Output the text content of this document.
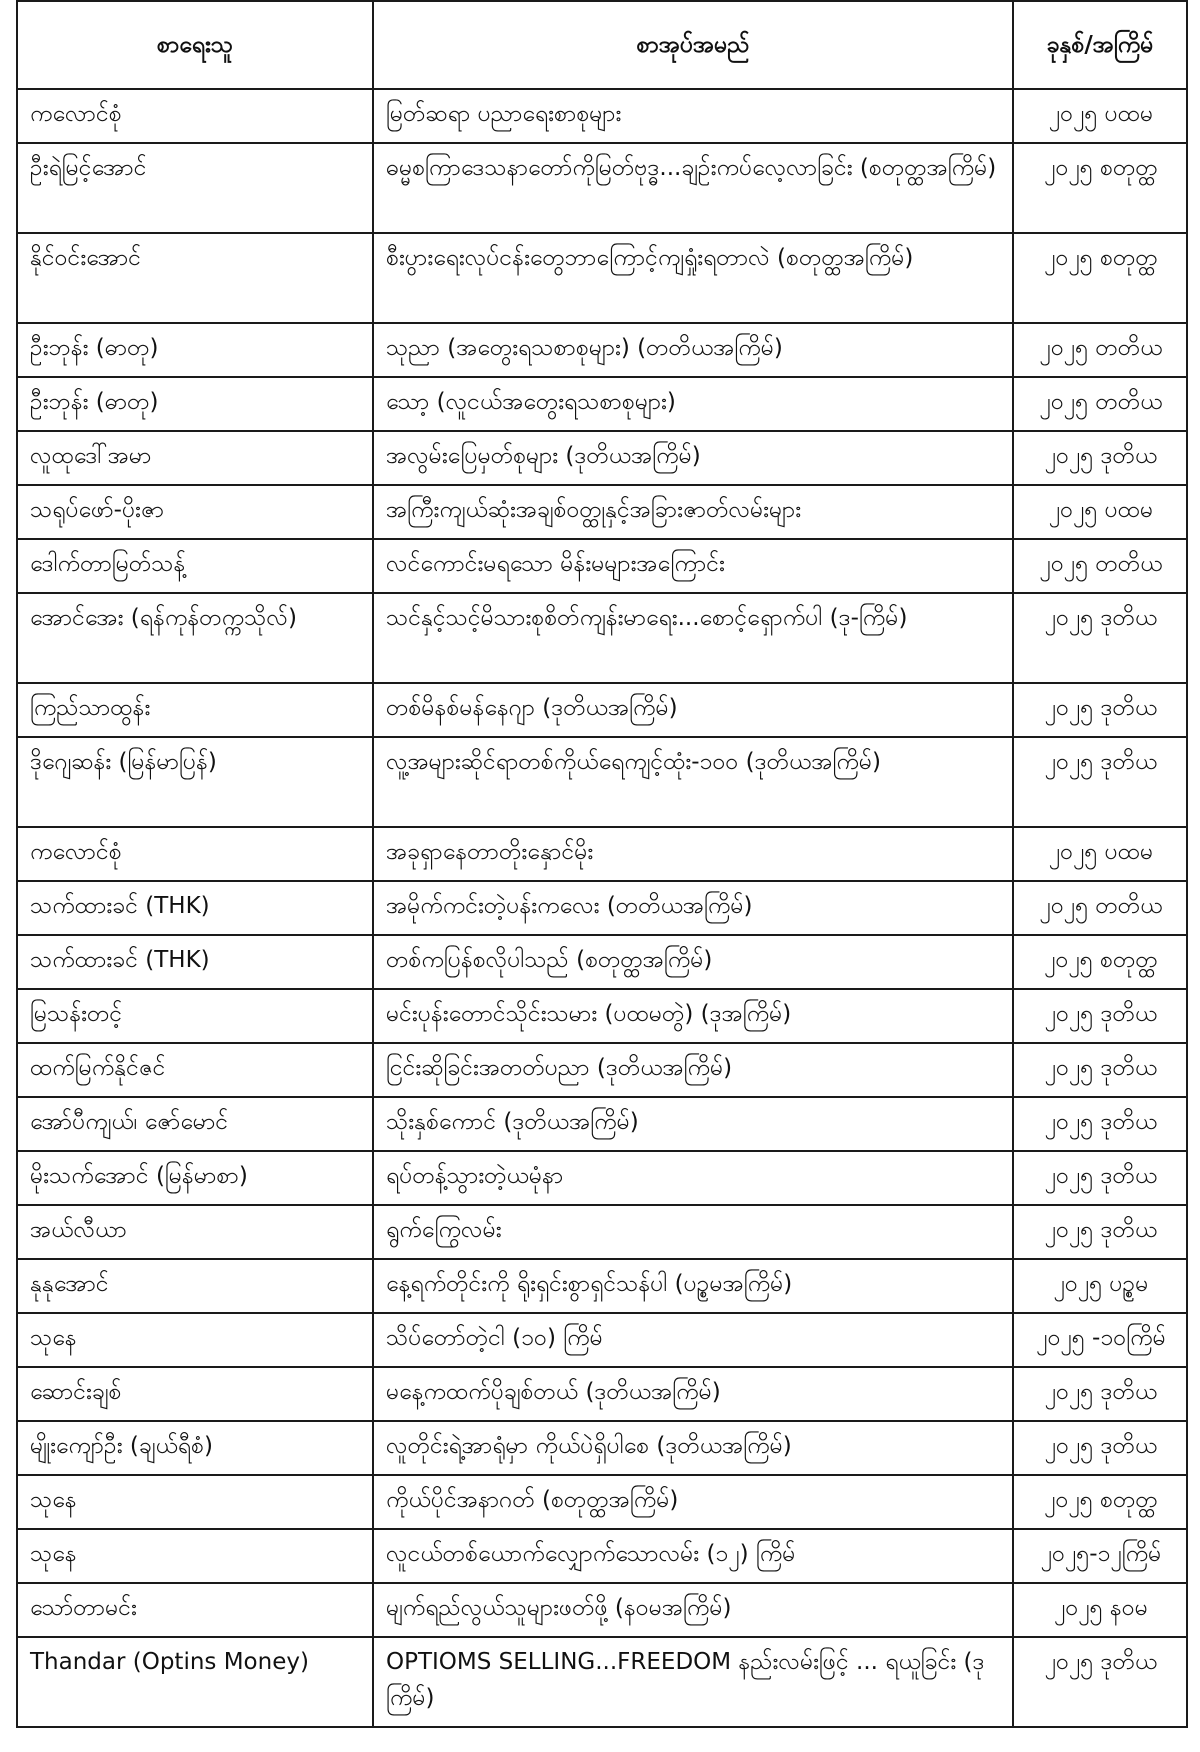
စာရေးသူ	စာအုပ်အမည်	ခုနှစ်/အကြိမ်
ကလောင်စုံ	မြတ်ဆရာ ပညာရေးစာစုများ	၂၀၂၅ ပထမ
ဦးရဲမြင့်အောင်	ဓမ္မစကြာဒေသနာတော်ကိုမြတ်ဗုဒ္ဓ...ချဉ်းကပ်လေ့လာခြင်း (စတုတ္ထအကြိမ်)	၂၀၂၅ စတုတ္ထ
နိုင်ဝင်းအောင်	စီးပွားရေးလုပ်ငန်းတွေဘာကြောင့်ကျရှုံးရတာလဲ (စတုတ္ထအကြိမ်)	၂၀၂၅ စတုတ္ထ
ဦးဘုန်း (ဓာတု)	သုညာ (အတွေးရသစာစုများ) (တတိယအကြိမ်)	၂၀၂၅ တတိယ
ဦးဘုန်း (ဓာတု)	သော့ (လူငယ်အတွေးရသစာစုများ)	၂၀၂၅ တတိယ
လူထုဒေါ်အမာ	အလွမ်းပြေမှတ်စုများ (ဒုတိယအကြိမ်)	၂၀၂၅ ဒုတိယ
သရုပ်ဖော်-ပိုးဇာ	အကြီးကျယ်ဆုံးအချစ်ဝတ္ထုနှင့်အခြားဇာတ်လမ်းများ	၂၀၂၅ ပထမ
ဒေါက်တာမြတ်သန့်	လင်ကောင်းမရသော မိန်းမများအကြောင်း	၂၀၂၅ တတိယ
အောင်အေး (ရန်ကုန်တက္ကသိုလ်)	သင်နှင့်သင့်မိသားစုစိတ်ကျန်းမာရေး...စောင့်ရှောက်ပါ (ဒု-ကြိမ်)	၂၀၂၅ ဒုတိယ
ကြည်သာထွန်း	တစ်မိနစ်မန်နေဂျာ (ဒုတိယအကြိမ်)	၂၀၂၅ ဒုတိယ
ဒိုဂျေဆန်း (မြန်မာပြန်)	လူ့အများဆိုင်ရာတစ်ကိုယ်ရေကျင့်ထုံး-၁၀၀ (ဒုတိယအကြိမ်)	၂၀၂၅ ဒုတိယ
ကလောင်စုံ	အခုရှာနေတာတိုးနှောင်မိုး	၂၀၂၅ ပထမ
သက်ထားခင် (THK)	အမိုက်ကင်းတဲ့ပန်းကလေး (တတိယအကြိမ်)	၂၀၂၅ တတိယ
သက်ထားခင် (THK)	တစ်ကပြန်စလိုပါသည် (စတုတ္ထအကြိမ်)	၂၀၂၅ စတုတ္ထ
မြသန်းတင့်	မင်းပုန်းတောင်သိုင်းသမား (ပထမတွဲ) (ဒုအကြိမ်)	၂၀၂၅ ဒုတိယ
ထက်မြက်နိုင်ဇင်	ငြင်းဆိုခြင်းအတတ်ပညာ (ဒုတိယအကြိမ်)	၂၀၂၅ ဒုတိယ
အော်ပီကျယ်၊ ဇော်မောင်	သိုးနှစ်ကောင် (ဒုတိယအကြိမ်)	၂၀၂၅ ဒုတိယ
မိုးသက်အောင် (မြန်မာစာ)	ရပ်တန့်သွားတဲ့ယမုံနာ	၂၀၂၅ ဒုတိယ
အယ်လီယာ	ရွက်ကြွေလမ်း	၂၀၂၅ ဒုတိယ
နုနုအောင်	နေ့ရက်တိုင်းကို ရိုးရှင်းစွာရှင်သန်ပါ (ပဉ္စမအကြိမ်)	၂၀၂၅ ပဉ္စမ
သုနေ	သိပ်တော်တဲ့ငါ (၁၀) ကြိမ်	၂၀၂၅ -၁၀ကြိမ်
ဆောင်းချစ်	မနေ့ကထက်ပိုချစ်တယ် (ဒုတိယအကြိမ်)	၂၀၂၅ ဒုတိယ
မျိုးကျော်ဦး (ချယ်ရီစံ)	လူတိုင်းရဲ့အာရုံမှာ ကိုယ်ပဲရှိပါစေ (ဒုတိယအကြိမ်)	၂၀၂၅ ဒုတိယ
သုနေ	ကိုယ်ပိုင်အနာဂတ် (စတုတ္ထအကြိမ်)	၂၀၂၅ စတုတ္ထ
သုနေ	လူငယ်တစ်ယောက်လျှောက်သောလမ်း (၁၂) ကြိမ်	၂၀၂၅-၁၂ကြိမ်
သော်တာမင်း	မျက်ရည်လွယ်သူများဖတ်ဖို့ (နဝမအကြိမ်)	၂၀၂၅ နဝမ
Thandar (Optins Money)	OPTIOMS SELLING...FREEDOM နည်းလမ်းဖြင့် ... ရယူခြင်း (ဒုကြိမ်)	၂၀၂၅ ဒုတိယ
